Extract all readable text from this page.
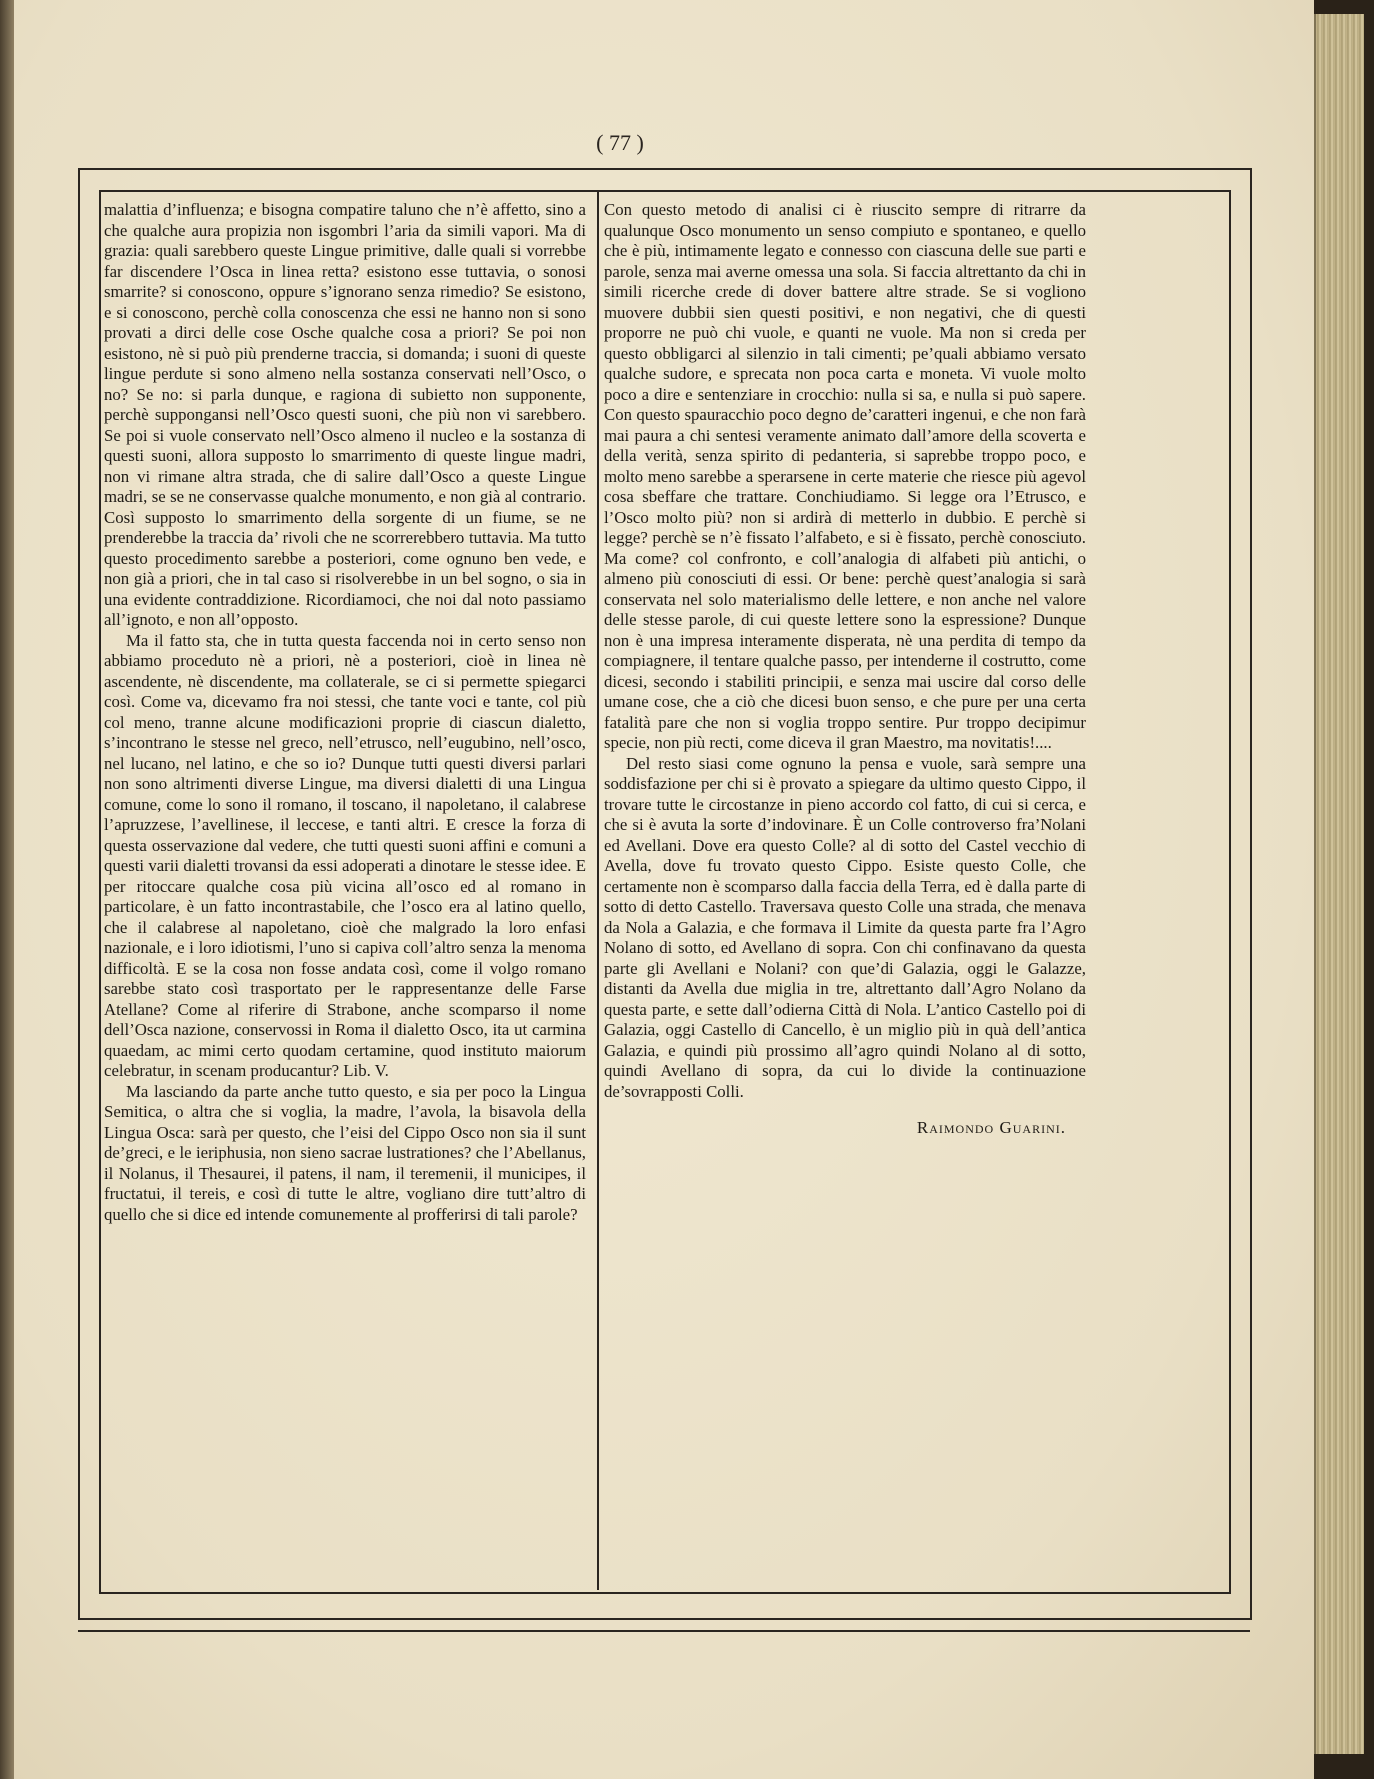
( 77 )

malattia d’influenza; e bisogna compatire taluno che n’è affetto, sino a che qualche aura propizia non isgombri l’aria da simili vapori. Ma di grazia: quali sarebbero queste Lingue primitive, dalle quali si vorrebbe far discendere l’Osca in linea retta? esistono esse tuttavia, o sonosi smarrite? si conoscono, oppure s’ignorano senza rimedio? Se esistono, e si conoscono, perchè colla conoscenza che essi ne hanno non si sono provati a dirci delle cose Osche qualche cosa a priori? Se poi non esistono, nè si può più prenderne traccia, si domanda; i suoni di queste lingue perdute si sono almeno nella sostanza conservati nell’Osco, o no? Se no: si parla dunque, e ragiona di subietto non supponente, perchè suppongansi nell’Osco questi suoni, che più non vi sarebbero. Se poi si vuole conservato nell’Osco almeno il nucleo e la sostanza di questi suoni, allora supposto lo smarrimento di queste lingue madri, non vi rimane altra strada, che di salire dall’Osco a queste Lingue madri, se se ne conservasse qualche monumento, e non già al contrario. Così supposto lo smarrimento della sorgente di un fiume, se ne prenderebbe la traccia da’ rivoli che ne scorrerebbero tuttavia. Ma tutto questo procedimento sarebbe a posteriori, come ognuno ben vede, e non già a priori, che in tal caso si risolverebbe in un bel sogno, o sia in una evidente contraddizione. Ricordiamoci, che noi dal noto passiamo all’ignoto, e non all’opposto.

Ma il fatto sta, che in tutta questa faccenda noi in certo senso non abbiamo proceduto nè a priori, nè a posteriori, cioè in linea nè ascendente, nè discendente, ma collaterale, se ci si permette spiegarci così. Come va, dicevamo fra noi stessi, che tante voci e tante, col più col meno, tranne alcune modificazioni proprie di ciascun dialetto, s’incontrano le stesse nel greco, nell’etrusco, nell’eugubino, nell’osco, nel lucano, nel latino, e che so io? Dunque tutti questi diversi parlari non sono altrimenti diverse Lingue, ma diversi dialetti di una Lingua comune, come lo sono il romano, il toscano, il napoletano, il calabrese l’apruzzese, l’avellinese, il leccese, e tanti altri. E cresce la forza di questa osservazione dal vedere, che tutti questi suoni affini e comuni a questi varii dialetti trovansi da essi adoperati a dinotare le stesse idee. E per ritoccare qualche cosa più vicina all’osco ed al romano in particolare, è un fatto incontrastabile, che l’osco era al latino quello, che il calabrese al napoletano, cioè che malgrado la loro enfasi nazionale, e i loro idiotismi, l’uno si capiva coll’altro senza la menoma difficoltà. E se la cosa non fosse andata così, come il volgo romano sarebbe stato così trasportato per le rappresentanze delle Farse Atellane? Come al riferire di Strabone, anche scomparso il nome dell’Osca nazione, conservossi in Roma il dialetto Osco, ita ut carmina quaedam, ac mimi certo quodam certamine, quod instituto maiorum celebratur, in scenam producantur? Lib. V.

Ma lasciando da parte anche tutto questo, e sia per poco la Lingua Semitica, o altra che si voglia, la madre, l’avola, la bisavola della Lingua Osca: sarà per questo, che l’eisi del Cippo Osco non sia il sunt de’greci, e le ieriphusia, non sieno sacrae lustrationes? che l’Abellanus, il Nolanus, il Thesaurei, il patens, il nam, il teremenii, il municipes, il fructatui, il tereis, e così di tutte le altre, vogliano dire tutt’altro di quello che si dice ed intende comunemente al profferirsi di tali parole?

Con questo metodo di analisi ci è riuscito sempre di ritrarre da qualunque Osco monumento un senso compiuto e spontaneo, e quello che è più, intimamente legato e connesso con ciascuna delle sue parti e parole, senza mai averne omessa una sola. Si faccia altrettanto da chi in simili ricerche crede di dover battere altre strade. Se si vogliono muovere dubbii sien questi positivi, e non negativi, che di questi proporre ne può chi vuole, e quanti ne vuole. Ma non si creda per questo obbligarci al silenzio in tali cimenti; pe’quali abbiamo versato qualche sudore, e sprecata non poca carta e moneta. Vi vuole molto poco a dire e sentenziare in crocchio: nulla si sa, e nulla si può sapere. Con questo spauracchio poco degno de’caratteri ingenui, e che non farà mai paura a chi sentesi veramente animato dall’amore della scoverta e della verità, senza spirito di pedanteria, si saprebbe troppo poco, e molto meno sarebbe a sperarsene in certe materie che riesce più agevol cosa sbeffare che trattare. Conchiudiamo. Si legge ora l’Etrusco, e l’Osco molto più? non si ardirà di metterlo in dubbio. E perchè si legge? perchè se n’è fissato l’alfabeto, e si è fissato, perchè conosciuto. Ma come? col confronto, e coll’analogia di alfabeti più antichi, o almeno più conosciuti di essi. Or bene: perchè quest’analogia si sarà conservata nel solo materialismo delle lettere, e non anche nel valore delle stesse parole, di cui queste lettere sono la espressione? Dunque non è una impresa interamente disperata, nè una perdita di tempo da compiagnere, il tentare qualche passo, per intenderne il costrutto, come dicesi, secondo i stabiliti principii, e senza mai uscire dal corso delle umane cose, che a ciò che dicesi buon senso, e che pure per una certa fatalità pare che non si voglia troppo sentire. Pur troppo decipimur specie, non più recti, come diceva il gran Maestro, ma novitatis!....

Del resto siasi come ognuno la pensa e vuole, sarà sempre una soddisfazione per chi si è provato a spiegare da ultimo questo Cippo, il trovare tutte le circostanze in pieno accordo col fatto, di cui si cerca, e che si è avuta la sorte d’indovinare. È un Colle controverso fra’Nolani ed Avellani. Dove era questo Colle? al di sotto del Castel vecchio di Avella, dove fu trovato questo Cippo. Esiste questo Colle, che certamente non è scomparso dalla faccia della Terra, ed è dalla parte di sotto di detto Castello. Traversava questo Colle una strada, che menava da Nola a Galazia, e che formava il Limite da questa parte fra l’Agro Nolano di sotto, ed Avellano di sopra. Con chi confinavano da questa parte gli Avellani e Nolani? con que’di Galazia, oggi le Galazze, distanti da Avella due miglia in tre, altrettanto dall’Agro Nolano da questa parte, e sette dall’odierna Città di Nola. L’antico Castello poi di Galazia, oggi Castello di Cancello, è un miglio più in quà dell’antica Galazia, e quindi più prossimo all’agro quindi Nolano al di sotto, quindi Avellano di sopra, da cui lo divide la continuazione de’sovrapposti Colli.

Raimondo Guarini.
